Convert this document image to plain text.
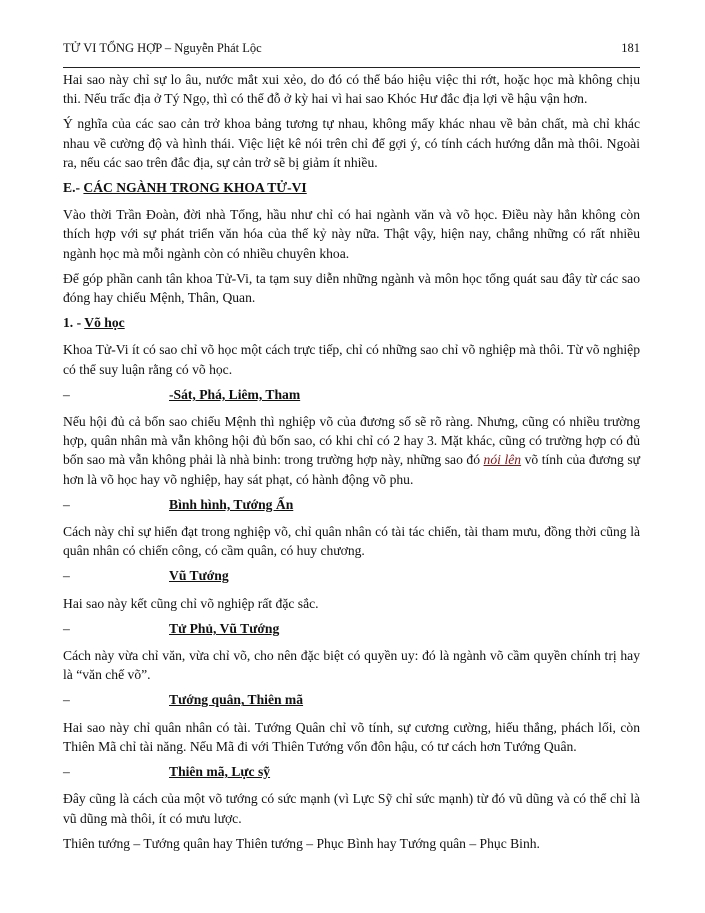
TỬ VI TỔNG HỢP – Nguyễn Phát Lộc	181

Hai sao này chỉ sự lo âu, nước mắt xui xẻo, do đó có thể báo hiệu việc thi rớt, hoặc học mà không chịu thi. Nếu trấc địa ở Tý Ngọ, thì có thể đỗ ở kỳ hai vì hai sao Khóc Hư đắc địa lợi về hậu vận hơn.

Ý nghĩa của các sao cản trở khoa bảng tương tự nhau, không mấy khác nhau về bản chất, mà chỉ khác nhau về cường độ và hình thái. Việc liệt kê nói trên chỉ để gợi ý, có tính cách hướng dẫn mà thôi. Ngoài ra, nếu các sao trên đắc địa, sự cản trở sẽ bị giảm ít nhiều.

E.- CÁC NGÀNH TRONG KHOA TỬ-VI

Vào thời Trần Đoàn, đời nhà Tống, hầu như chỉ có hai ngành văn và võ học. Điều này hẳn không còn thích hợp với sự phát triển văn hóa của thế kỷ này nữa. Thật vậy, hiện nay, chẳng những có rất nhiều ngành học mà mỗi ngành còn có nhiều chuyên khoa.

Để góp phần canh tân khoa Tử-Vi, ta tạm suy diễn những ngành và môn học tổng quát sau đây từ các sao đóng hay chiếu Mệnh, Thân, Quan.

1. - Võ học

Khoa Tử-Vi ít có sao chỉ võ học một cách trực tiếp, chỉ có những sao chỉ võ nghiệp mà thôi. Từ võ nghiệp có thể suy luận rằng có võ học.

–	-Sát, Phá, Liêm, Tham

Nếu hội đủ cả bốn sao chiếu Mệnh thì nghiệp võ của đương số sẽ rõ ràng. Nhưng, cũng có nhiều trường hợp, quân nhân mà vẫn không hội đủ bốn sao, có khi chỉ có 2 hay 3. Mặt khác, cũng có trường hợp có đủ bốn sao mà vẫn không phải là nhà binh: trong trường hợp này, những sao đó nói lên võ tính của đương sự hơn là võ học hay võ nghiệp, hay sát phạt, có hành động võ phu.

–	Bình hình, Tướng Ấn

Cách này chỉ sự hiển đạt trong nghiệp võ, chỉ quân nhân có tài tác chiến, tài tham mưu, đồng thời cũng là quân nhân có chiến công, có cầm quân, có huy chương.

–	Vũ Tướng

Hai sao này kết cũng chỉ võ nghiệp rất đặc sắc.

–	Tử Phủ, Vũ Tướng

Cách này vừa chỉ văn, vừa chỉ võ, cho nên đặc biệt có quyền uy: đó là ngành võ cầm quyền chính trị hay là “văn chế võ”.

–	Tướng quân, Thiên mã

Hai sao này chỉ quân nhân có tài. Tướng Quân chỉ võ tính, sự cương cường, hiếu thắng, phách lối, còn Thiên Mã chỉ tài năng. Nếu Mã đi với Thiên Tướng vốn đôn hậu, có tư cách hơn Tướng Quân.

–	Thiên mã, Lực sỹ

Đây cũng là cách của một võ tướng có sức mạnh (vì Lực Sỹ chỉ sức mạnh) từ đó vũ dũng và có thể chỉ là vũ dũng mà thôi, ít có mưu lược.

Thiên tướng – Tướng quân hay Thiên tướng – Phục Bình hay Tướng quân – Phục Binh.
